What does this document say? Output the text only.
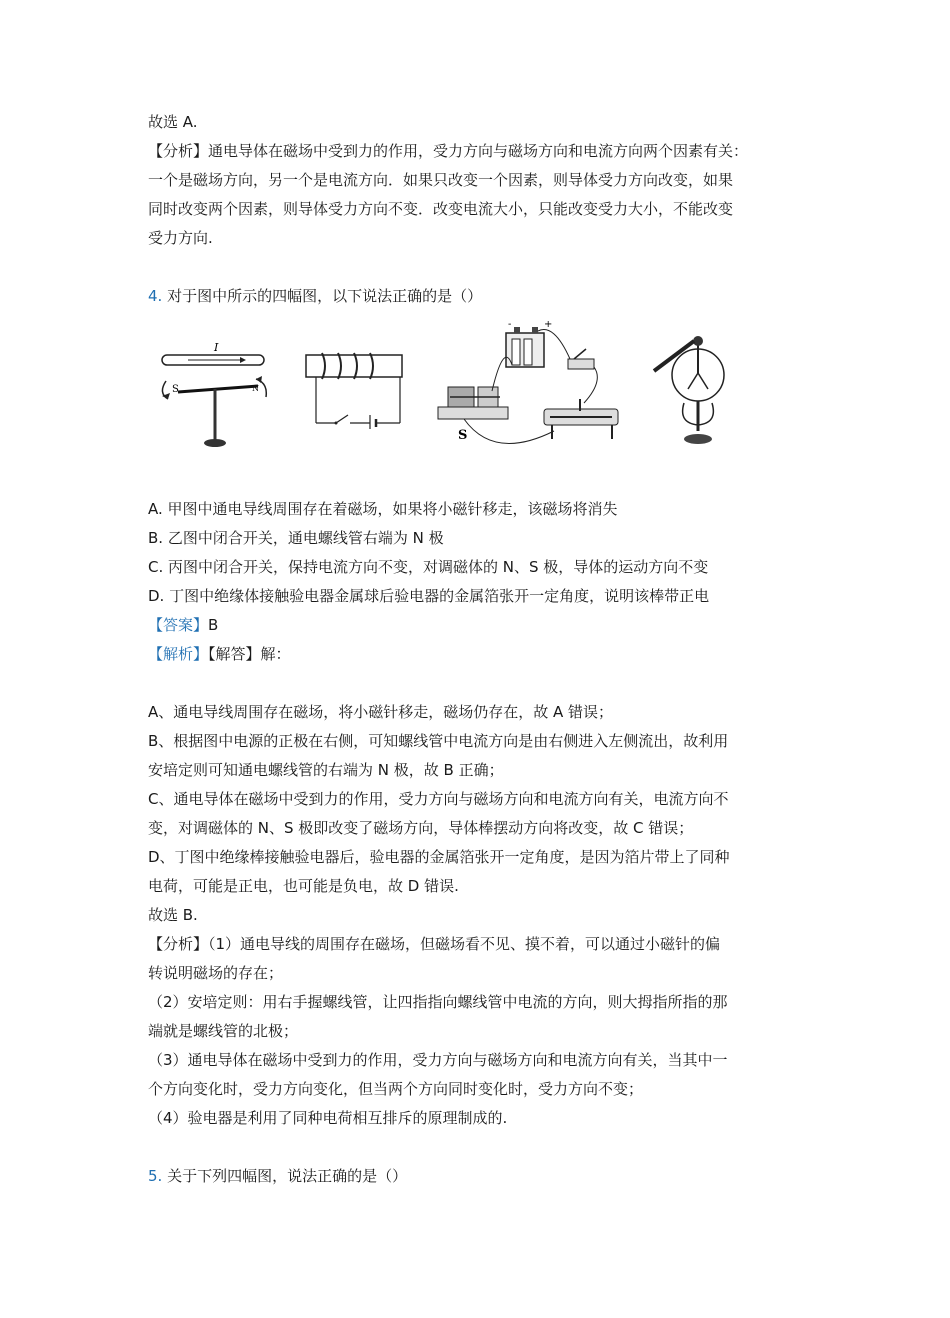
故选 A.
【分析】通电导体在磁场中受到力的作用，受力方向与磁场方向和电流方向两个因素有关：
一个是磁场方向，另一个是电流方向．如果只改变一个因素，则导体受力方向改变，如果
同时改变两个因素，则导体受力方向不变．改变电流大小，只能改变受力大小，不能改变
受力方向.
4. 对于图中所示的四幅图，以下说法正确的是（）
I
S	N
-	+
S
A. 甲图中通电导线周围存在着磁场，如果将小磁针移走，该磁场将消失
B. 乙图中闭合开关，通电螺线管右端为 N 极
C. 丙图中闭合开关，保持电流方向不变，对调磁体的 N、S 极，导体的运动方向不变
D. 丁图中绝缘体接触验电器金属球后验电器的金属箔张开一定角度，说明该棒带正电
【答案】B
【解析】【解答】解：
A、通电导线周围存在磁场，将小磁针移走，磁场仍存在，故 A 错误；
B、根据图中电源的正极在右侧，可知螺线管中电流方向是由右侧进入左侧流出，故利用
安培定则可知通电螺线管的右端为 N 极，故 B 正确；
C、通电导体在磁场中受到力的作用，受力方向与磁场方向和电流方向有关，电流方向不
变，对调磁体的 N、S 极即改变了磁场方向，导体棒摆动方向将改变，故 C 错误；
D、丁图中绝缘棒接触验电器后，验电器的金属箔张开一定角度，是因为箔片带上了同种
电荷，可能是正电，也可能是负电，故 D 错误.
故选 B.
【分析】（1）通电导线的周围存在磁场，但磁场看不见、摸不着，可以通过小磁针的偏
转说明磁场的存在；
（2）安培定则：用右手握螺线管，让四指指向螺线管中电流的方向，则大拇指所指的那
端就是螺线管的北极；
（3）通电导体在磁场中受到力的作用，受力方向与磁场方向和电流方向有关，当其中一
个方向变化时，受力方向变化，但当两个方向同时变化时，受力方向不变；
（4）验电器是利用了同种电荷相互排斥的原理制成的.
5. 关于下列四幅图，说法正确的是（）
